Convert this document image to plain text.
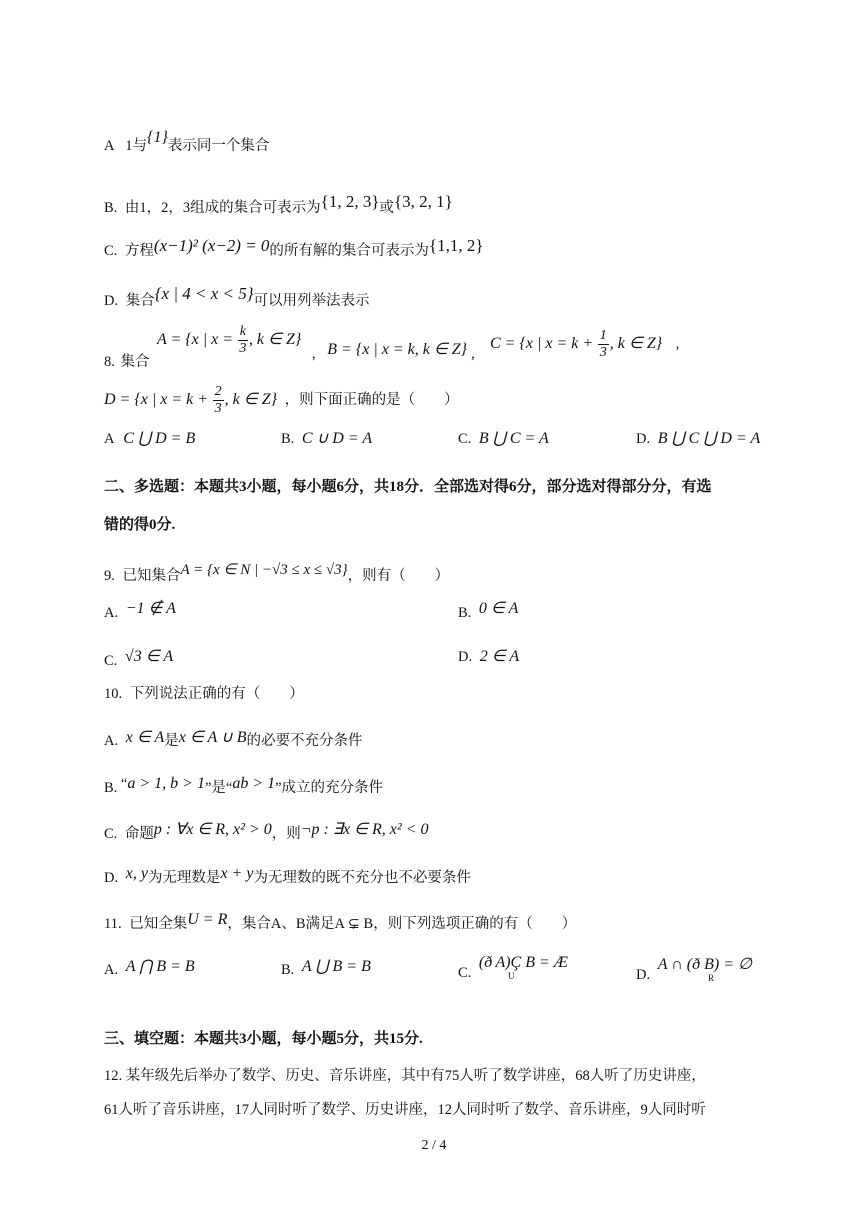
A 1与{1}表示同一个集合
B. 由1，2，3组成的集合可表示为{1, 2, 3}或{3, 2, 1}
C. 方程(x−1)² (x−2) = 0的所有解的集合可表示为{1,1, 2}
D. 集合{x | 4 < x < 5}可以用列举法表示
8. 集合
A = {x | $x = \frac{k}{3}$ , k ∈ Z}
, B = {x | x = k, k ∈ Z} ,
C = {x | $x = k + \frac{1}{3}$ , k ∈ Z} ,
D = {x | $x = k + \frac{2}{3}$ , k ∈ Z} ，则下面正确的是（　　）
A C ⋃ D = B	B. C ∪ D = A	C. B ⋃ C = A	D. B ⋃ C ⋃ D = A
二、多选题：本题共3小题，每小题6分，共18分．全部选对得6分，部分选对得部分分，有选
错的得0分.
9. 已知集合A = {x ∈ N | −√3 ≤ x ≤ √3}，则有（　　）
A. −1 ∉ A	B. 0 ∈ A
C. √3 ∈ A	D. 2 ∈ A
10. 下列说法正确的有（　　）
A. x ∈ A是x ∈ A ∪ B的必要不充分条件
B. “a > 1, b > 1”是“ab > 1”成立的充分条件
C. 命题p : ∀x ∈ R, x² > 0，则¬p : ∃x ∈ R, x² < 0
D. x, y为无理数是x + y为无理数的既不充分也不必要条件
11. 已知全集U = R，集合A、B满足A ⊊ B，则下列选项正确的有（　　）
A. A ⋂ B = B	B. A ⋃ B = B	C. (ð A)Ç $B = Æ_U$	D. A ∩ (ð $B) = \emptyset_R$
三、填空题：本题共3小题，每小题5分，共15分.
12. 某年级先后举办了数学、历史、音乐讲座，其中有75人听了数学讲座，68人听了历史讲座，
61人听了音乐讲座，17人同时听了数学、历史讲座，12人同时听了数学、音乐讲座，9人同时听
2 / 4
